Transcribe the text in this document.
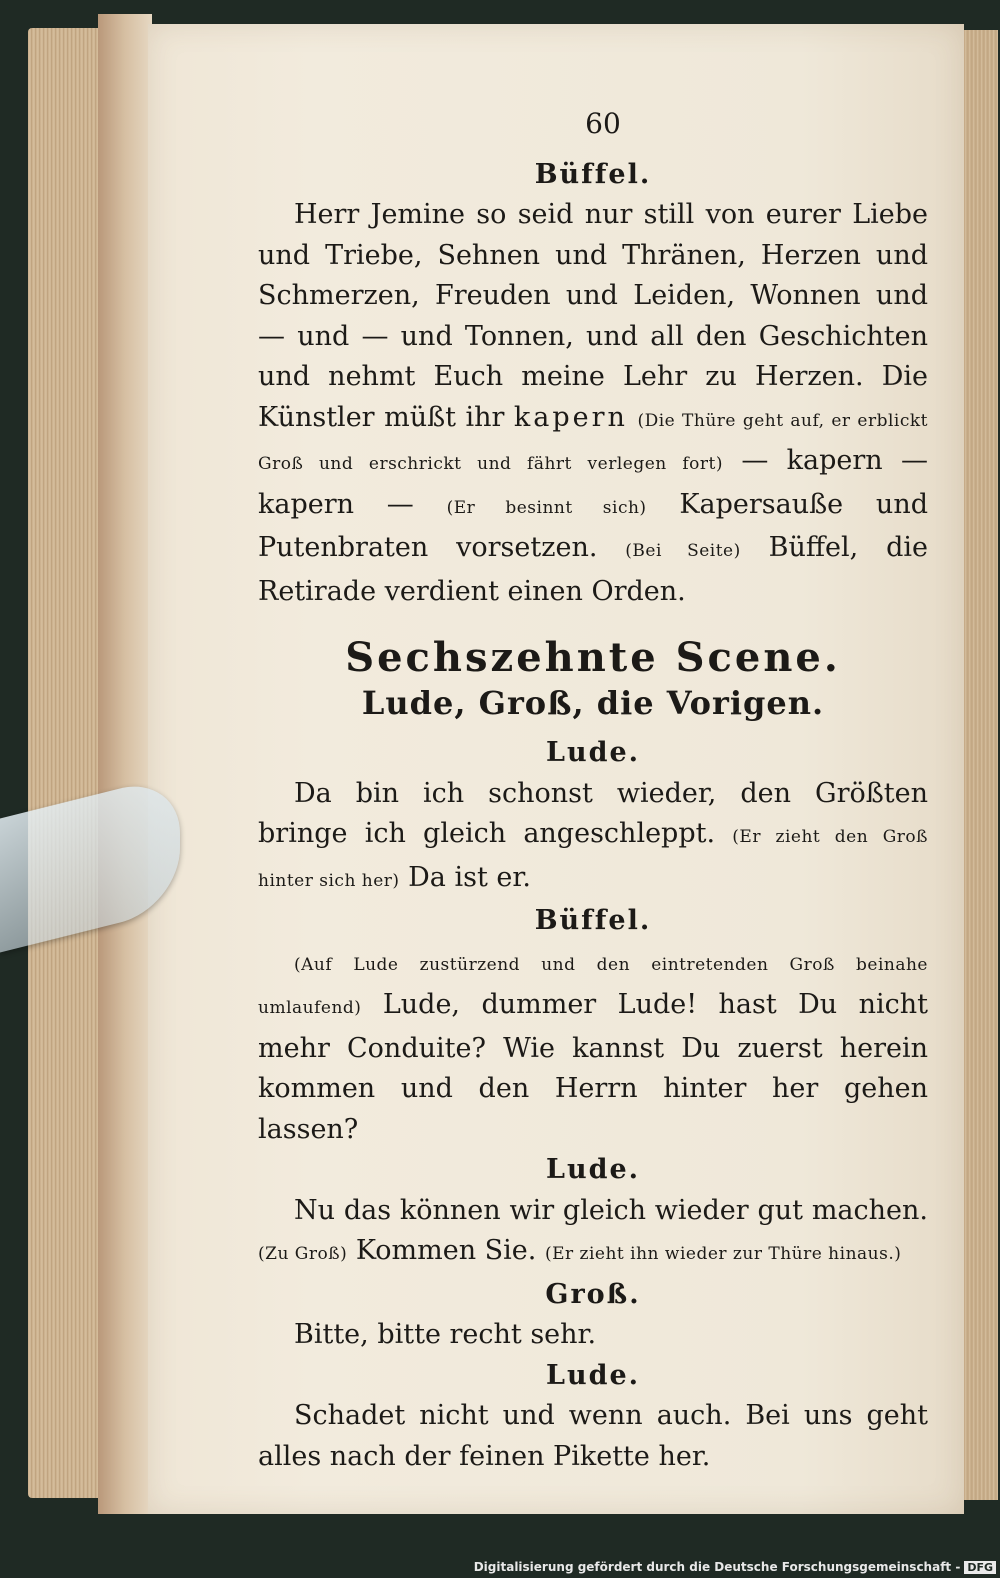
60
Büffel.

Herr Jemine so seid nur still von eurer Liebe und Triebe, Sehnen und Thränen, Herzen und Schmerzen, Freuden und Leiden, Wonnen und — und — und Tonnen, und all den Geschichten und nehmt Euch meine Lehr zu Herzen. Die Künstler müßt ihr kapern (Die Thüre geht auf, er erblickt Groß und erschrickt und fährt verlegen fort) — kapern — kapern — (Er besinnt sich) Kapersauße und Putenbraten vorsetzen. (Bei Seite) Büffel, die Retirade verdient einen Orden.

Sechszehnte Scene.
Lude, Groß, die Vorigen.
Lude.

Da bin ich schonst wieder, den Größten bringe ich gleich angeschleppt. (Er zieht den Groß hinter sich her) Da ist er.

Büffel.

(Auf Lude zustürzend und den eintretenden Groß beinahe umlaufend) Lude, dummer Lude! hast Du nicht mehr Conduite? Wie kannst Du zuerst herein kommen und den Herrn hinter her gehen lassen?

Lude.

Nu das können wir gleich wieder gut machen. (Zu Groß) Kommen Sie. (Er zieht ihn wieder zur Thüre hinaus.)

Groß.

Bitte, bitte recht sehr.

Lude.

Schadet nicht und wenn auch. Bei uns geht alles nach der feinen Pikette her.

Digitalisierung gefördert durch die Deutsche Forschungsgemeinschaft - DFG
